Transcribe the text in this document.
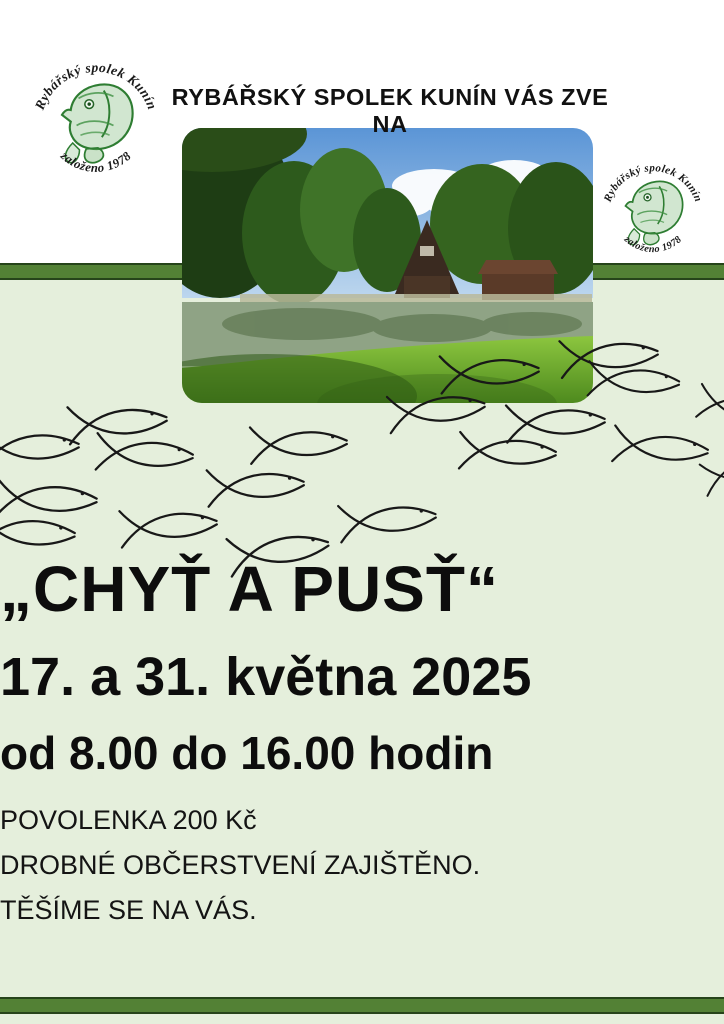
RYBÁŘSKÝ SPOLEK KUNÍN VÁS ZVE NA
Rybářský spolek Kunín
založeno 1978
Rybářský spolek Kunín
založeno 1978
„CHYŤ A PUSŤ“
17. a 31. května 2025
od 8.00 do 16.00 hodin
POVOLENKA 200 Kč
DROBNÉ OBČERSTVENÍ ZAJIŠTĚNO.
TĚŠÍME SE NA VÁS.
